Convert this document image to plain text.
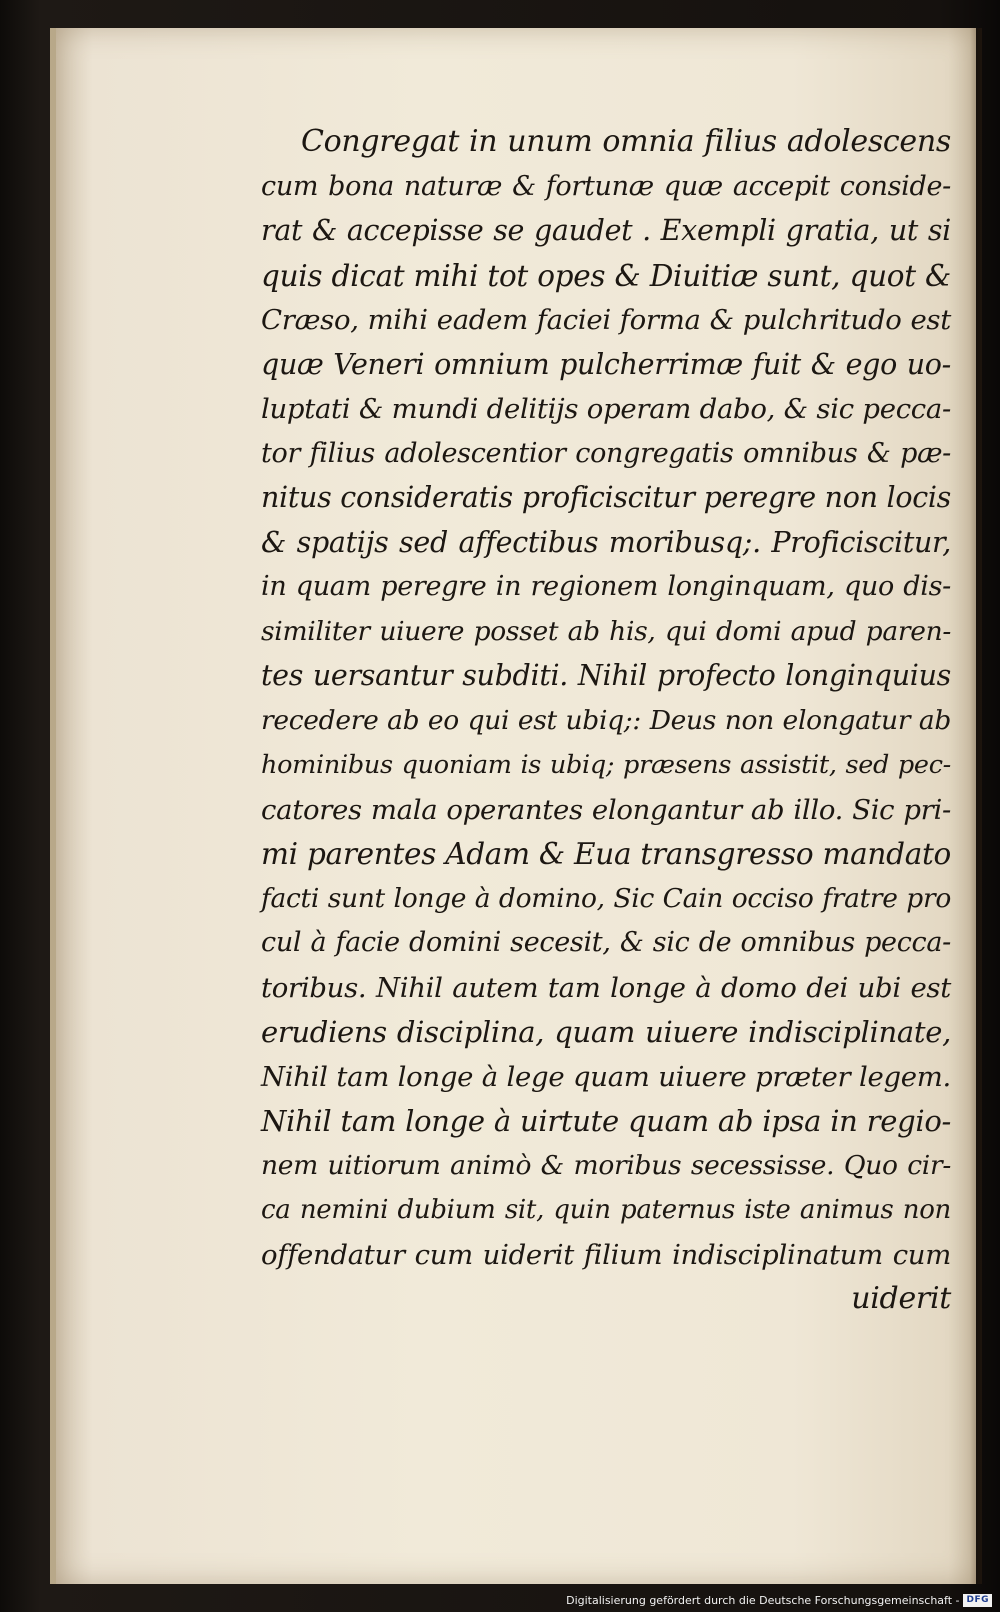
Congregat in unum omnia filius adolescens
cum bona naturæ & fortunæ quæ accepit conside-
rat & accepisse se gaudet . Exempli gratia, ut si
quis dicat mihi tot opes & Diuitiæ sunt, quot &
Cræso, mihi eadem faciei forma & pulchritudo est
quæ Veneri omnium pulcherrimæ fuit & ego uo-
luptati & mundi delitijs operam dabo, & sic pecca-
tor filius adolescentior congregatis omnibus & pæ-
nitus consideratis proficiscitur peregre non locis
& spatijs sed affectibus moribusq;. Proficiscitur,
in quam peregre in regionem longinquam, quo dis-
similiter uiuere posset ab his, qui domi apud paren-
tes uersantur subditi. Nihil profecto longinquius
recedere ab eo qui est ubiq;: Deus non elongatur ab
hominibus quoniam is ubiq; præsens assistit, sed pec-
catores mala operantes elongantur ab illo. Sic pri-
mi parentes Adam & Eua transgresso mandato
facti sunt longe à domino, Sic Cain occiso fratre pro
cul à facie domini secesit, & sic de omnibus pecca-
toribus. Nihil autem tam longe à domo dei ubi est
erudiens disciplina, quam uiuere indisciplinate,
Nihil tam longe à lege quam uiuere præter legem.
Nihil tam longe à uirtute quam ab ipsa in regio-
nem uitiorum animò & moribus secessisse. Quo cir-
ca nemini dubium sit, quin paternus iste animus non
offendatur cum uiderit filium indisciplinatum cum
uiderit
Digitalisierung gefördert durch die Deutsche Forschungsgemeinschaft - DFG
